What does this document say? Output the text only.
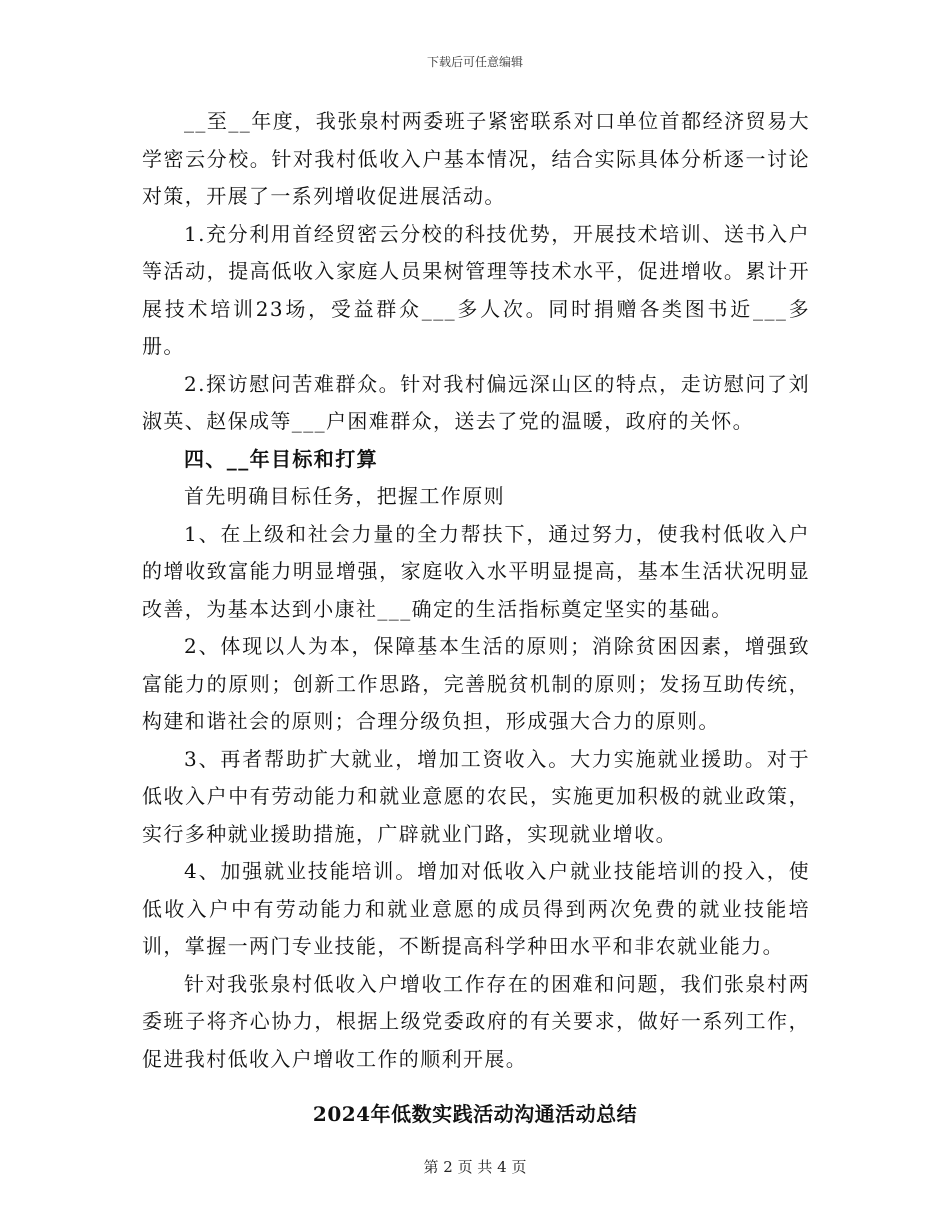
下载后可任意编辑

__至__年度，我张泉村两委班子紧密联系对口单位首都经济贸易大学密云分校。针对我村低收入户基本情况，结合实际具体分析逐一讨论对策，开展了一系列增收促进展活动。

1.充分利用首经贸密云分校的科技优势，开展技术培训、送书入户等活动，提高低收入家庭人员果树管理等技术水平，促进增收。累计开展技术培训23场，受益群众___多人次。同时捐赠各类图书近___多册。

2.探访慰问苦难群众。针对我村偏远深山区的特点，走访慰问了刘淑英、赵保成等___户困难群众，送去了党的温暖，政府的关怀。

四、__年目标和打算

首先明确目标任务，把握工作原则

1、在上级和社会力量的全力帮扶下，通过努力，使我村低收入户的增收致富能力明显增强，家庭收入水平明显提高，基本生活状况明显改善，为基本达到小康社___确定的生活指标奠定坚实的基础。

2、体现以人为本，保障基本生活的原则；消除贫困因素，增强致富能力的原则；创新工作思路，完善脱贫机制的原则；发扬互助传统，构建和谐社会的原则；合理分级负担，形成强大合力的原则。

3、再者帮助扩大就业，增加工资收入。大力实施就业援助。对于低收入户中有劳动能力和就业意愿的农民，实施更加积极的就业政策，实行多种就业援助措施，广辟就业门路，实现就业增收。

4、加强就业技能培训。增加对低收入户就业技能培训的投入，使低收入户中有劳动能力和就业意愿的成员得到两次免费的就业技能培训，掌握一两门专业技能，不断提高科学种田水平和非农就业能力。

针对我张泉村低收入户增收工作存在的困难和问题，我们张泉村两委班子将齐心协力，根据上级党委政府的有关要求，做好一系列工作，促进我村低收入户增收工作的顺利开展。

2024年低数实践活动沟通活动总结
第 2 页 共 4 页
